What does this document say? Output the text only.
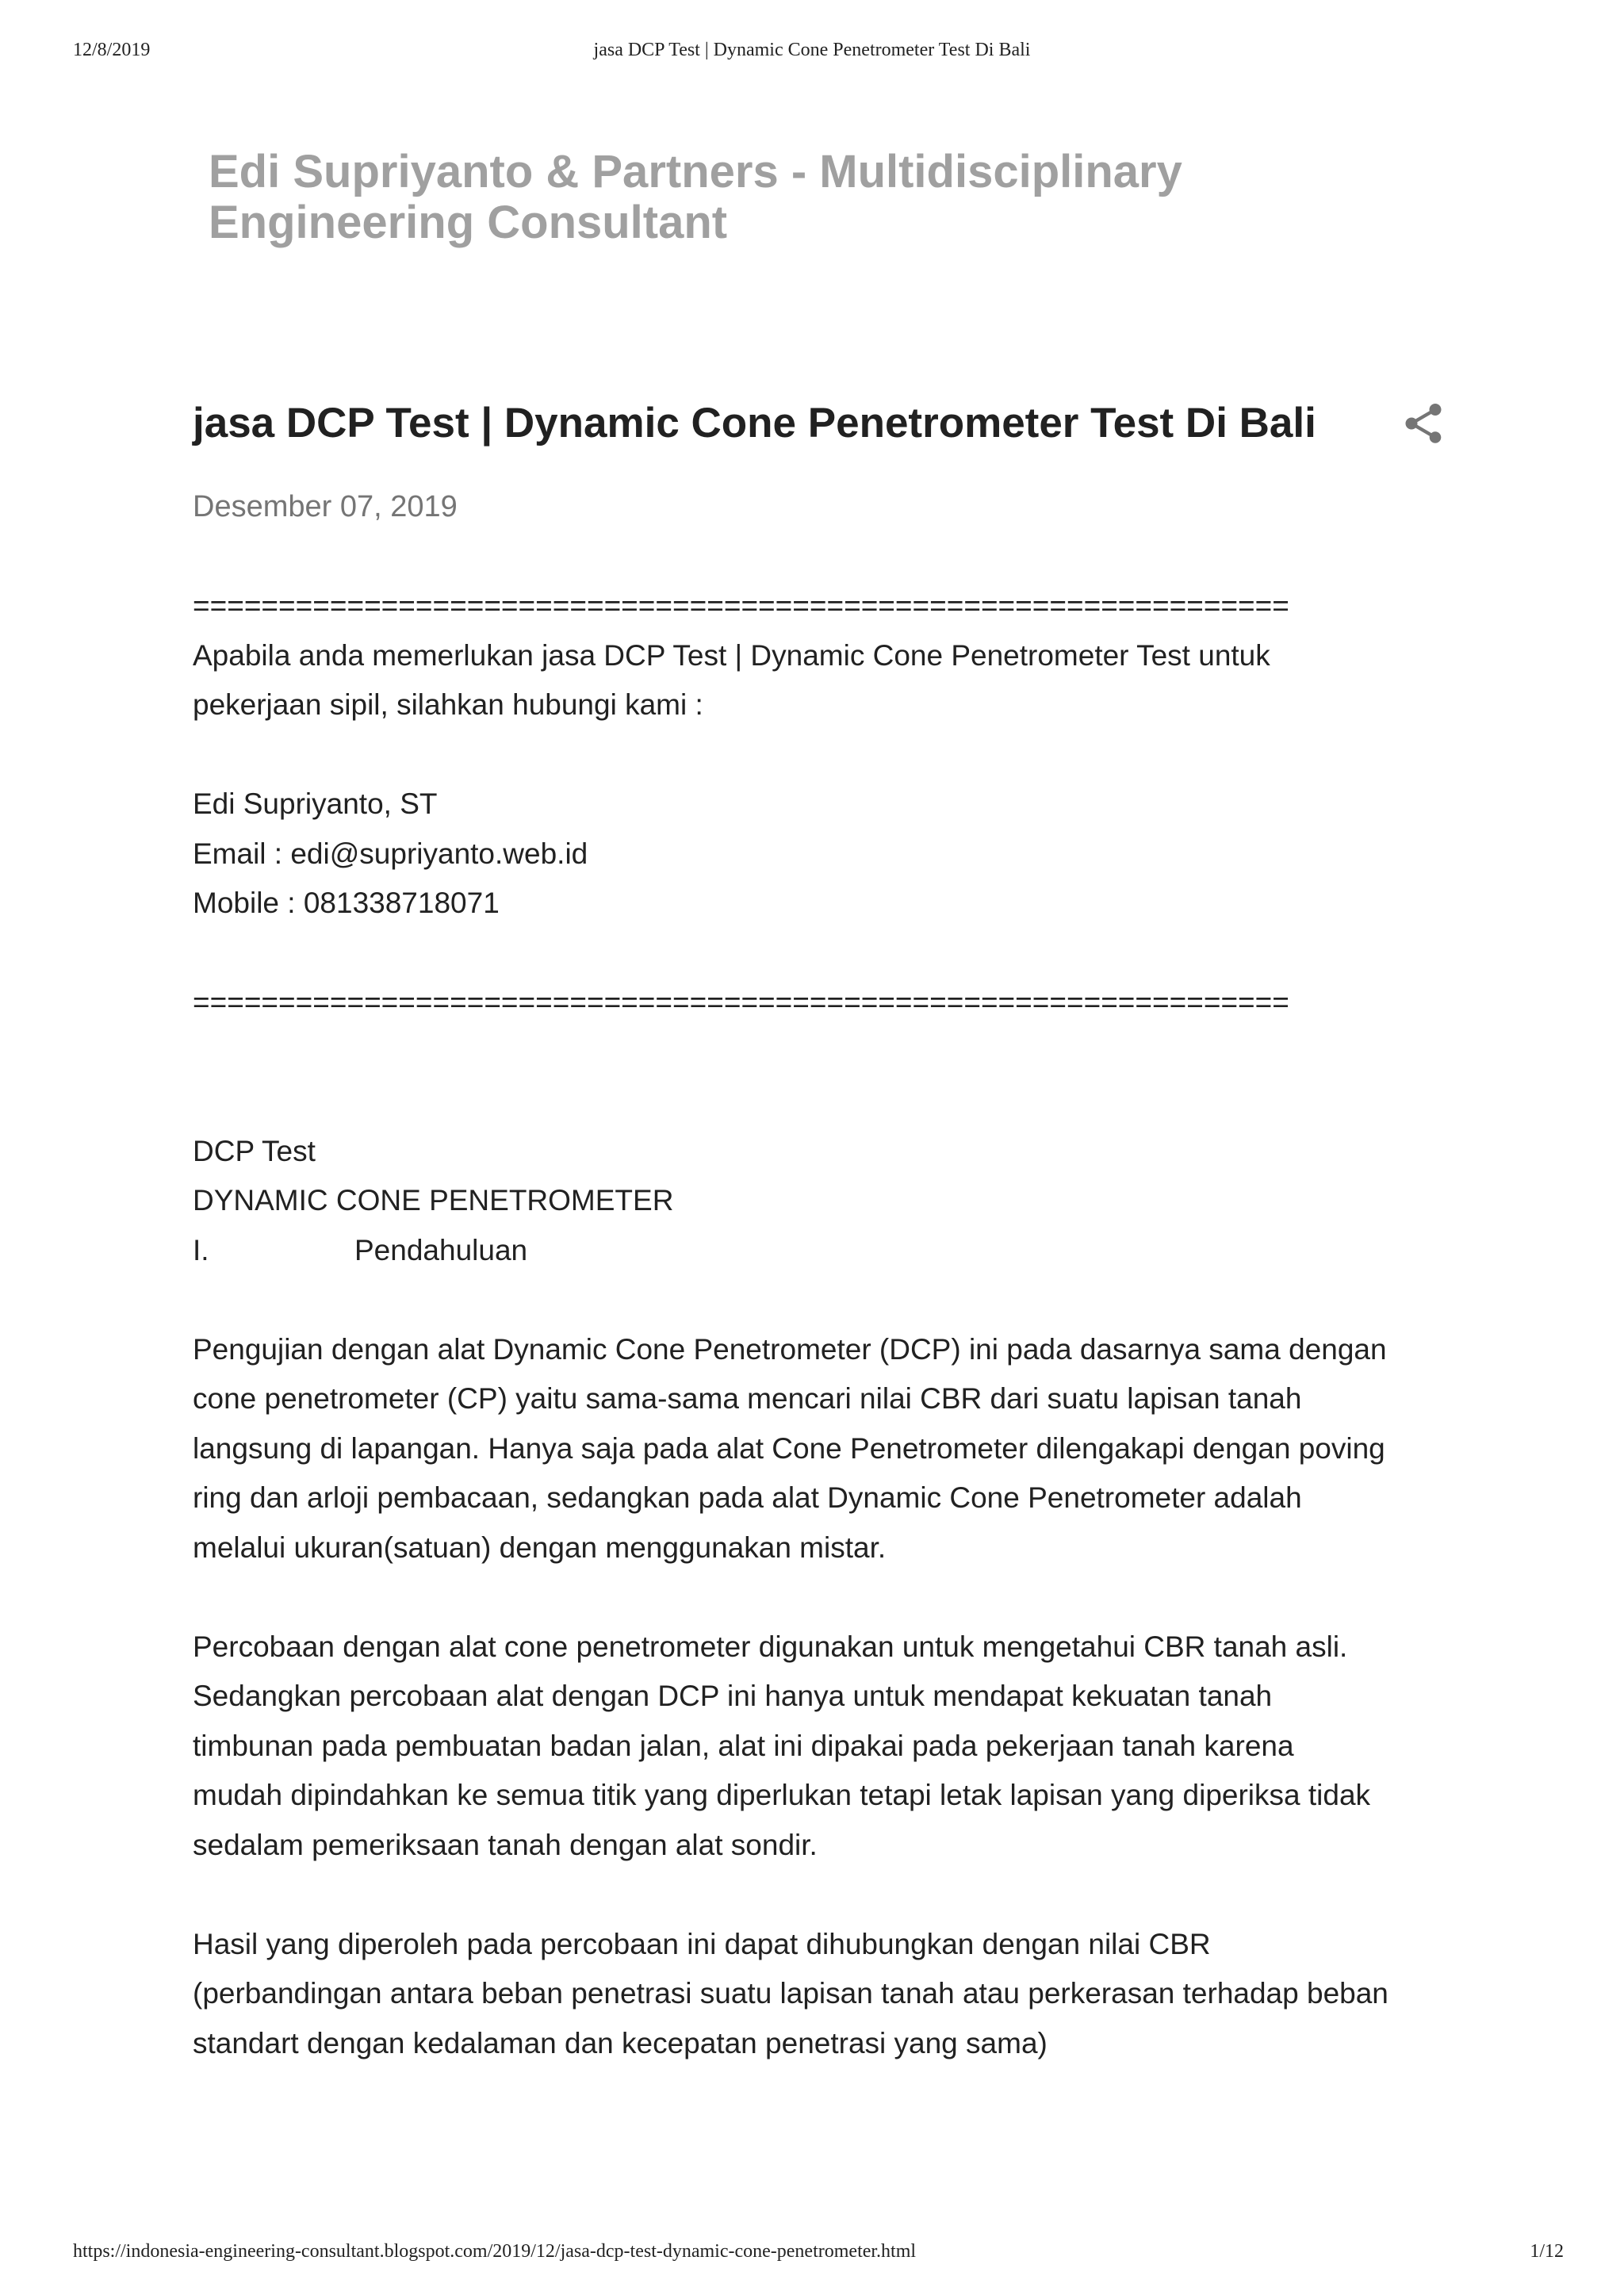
12/8/2019	jasa DCP Test | Dynamic Cone Penetrometer Test Di Bali
Edi Supriyanto & Partners - Multidisciplinary
Engineering Consultant
jasa DCP Test | Dynamic Cone Penetrometer Test Di Bali
Desember 07, 2019
================================================================
Apabila anda memerlukan jasa DCP Test | Dynamic Cone Penetrometer Test untuk
pekerjaan sipil, silahkan hubungi kami :
Edi Supriyanto, ST
Email : edi@supriyanto.web.id
Mobile : 081338718071
================================================================
DCP Test
DYNAMIC CONE PENETROMETER
I.	Pendahuluan
Pengujian dengan alat Dynamic Cone Penetrometer (DCP) ini pada dasarnya sama dengan
cone penetrometer (CP) yaitu sama-sama mencari nilai CBR dari suatu lapisan tanah
langsung di lapangan. Hanya saja pada alat Cone Penetrometer dilengakapi dengan poving
ring dan arloji pembacaan, sedangkan pada alat Dynamic Cone Penetrometer adalah
melalui ukuran(satuan) dengan menggunakan mistar.
Percobaan dengan alat cone penetrometer digunakan untuk mengetahui CBR tanah asli.
Sedangkan percobaan alat dengan DCP ini hanya untuk mendapat kekuatan tanah
timbunan pada pembuatan badan jalan, alat ini dipakai pada pekerjaan tanah karena
mudah dipindahkan ke semua titik yang diperlukan tetapi letak lapisan yang diperiksa tidak
sedalam pemeriksaan tanah dengan alat sondir.
Hasil yang diperoleh pada percobaan ini dapat dihubungkan dengan nilai CBR
(perbandingan antara beban penetrasi suatu lapisan tanah atau perkerasan terhadap beban
standart dengan kedalaman dan kecepatan penetrasi yang sama)
https://indonesia-engineering-consultant.blogspot.com/2019/12/jasa-dcp-test-dynamic-cone-penetrometer.html	1/12
